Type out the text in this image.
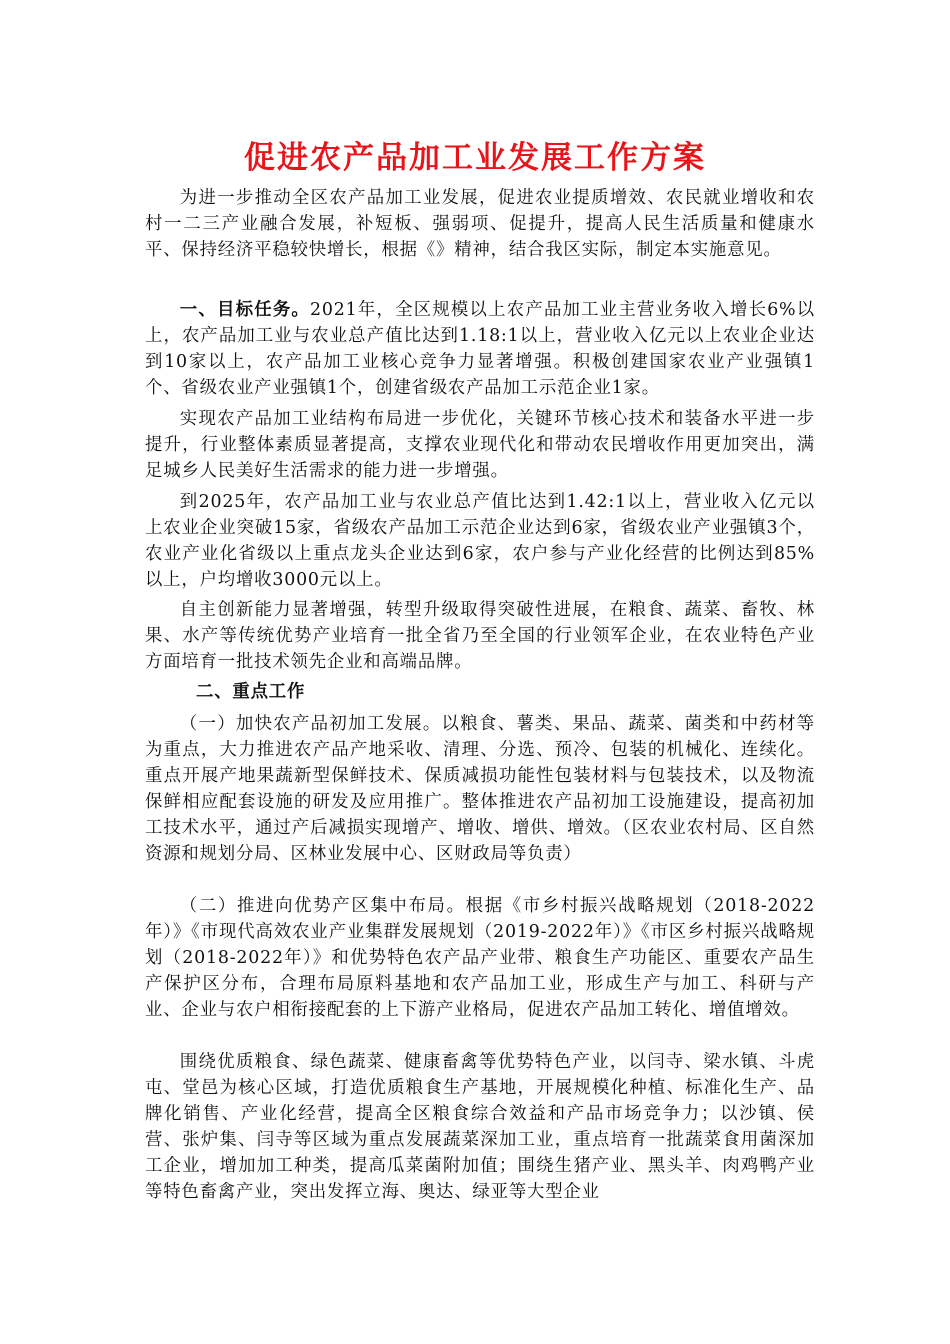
促进农产品加工业发展工作方案

为进一步推动全区农产品加工业发展，促进农业提质增效、农民就业增收和农村一二三产业融合发展，补短板、强弱项、促提升，提高人民生活质量和健康水平、保持经济平稳较快增长，根据《》精神，结合我区实际，制定本实施意见。

一、目标任务。2021年，全区规模以上农产品加工业主营业务收入增长6%以上，农产品加工业与农业总产值比达到1.18:1以上，营业收入亿元以上农业企业达到10家以上，农产品加工业核心竞争力显著增强。积极创建国家农业产业强镇1个、省级农业产业强镇1个，创建省级农产品加工示范企业1家。

实现农产品加工业结构布局进一步优化，关键环节核心技术和装备水平进一步提升，行业整体素质显著提高，支撑农业现代化和带动农民增收作用更加突出，满足城乡人民美好生活需求的能力进一步增强。

到2025年，农产品加工业与农业总产值比达到1.42:1以上，营业收入亿元以上农业企业突破15家，省级农产品加工示范企业达到6家，省级农业产业强镇3个，农业产业化省级以上重点龙头企业达到6家，农户参与产业化经营的比例达到85%以上，户均增收3000元以上。

自主创新能力显著增强，转型升级取得突破性进展，在粮食、蔬菜、畜牧、林果、水产等传统优势产业培育一批全省乃至全国的行业领军企业，在农业特色产业方面培育一批技术领先企业和高端品牌。

二、重点工作

（一）加快农产品初加工发展。以粮食、薯类、果品、蔬菜、菌类和中药材等为重点，大力推进农产品产地采收、清理、分选、预冷、包装的机械化、连续化。重点开展产地果蔬新型保鲜技术、保质减损功能性包装材料与包装技术，以及物流保鲜相应配套设施的研发及应用推广。整体推进农产品初加工设施建设，提高初加工技术水平，通过产后减损实现增产、增收、增供、增效。（区农业农村局、区自然资源和规划分局、区林业发展中心、区财政局等负责）

（二）推进向优势产区集中布局。根据《市乡村振兴战略规划（2018-2022年）》《市现代高效农业产业集群发展规划（2019-2022年）》《市区乡村振兴战略规划（2018-2022年）》和优势特色农产品产业带、粮食生产功能区、重要农产品生产保护区分布，合理布局原料基地和农产品加工业，形成生产与加工、科研与产业、企业与农户相衔接配套的上下游产业格局，促进农产品加工转化、增值增效。

围绕优质粮食、绿色蔬菜、健康畜禽等优势特色产业，以闫寺、梁水镇、斗虎屯、堂邑为核心区域，打造优质粮食生产基地，开展规模化种植、标准化生产、品牌化销售、产业化经营，提高全区粮食综合效益和产品市场竞争力；以沙镇、侯营、张炉集、闫寺等区域为重点发展蔬菜深加工业，重点培育一批蔬菜食用菌深加工企业，增加加工种类，提高瓜菜菌附加值；围绕生猪产业、黑头羊、肉鸡鸭产业等特色畜禽产业，突出发挥立海、奥达、绿亚等大型企业
